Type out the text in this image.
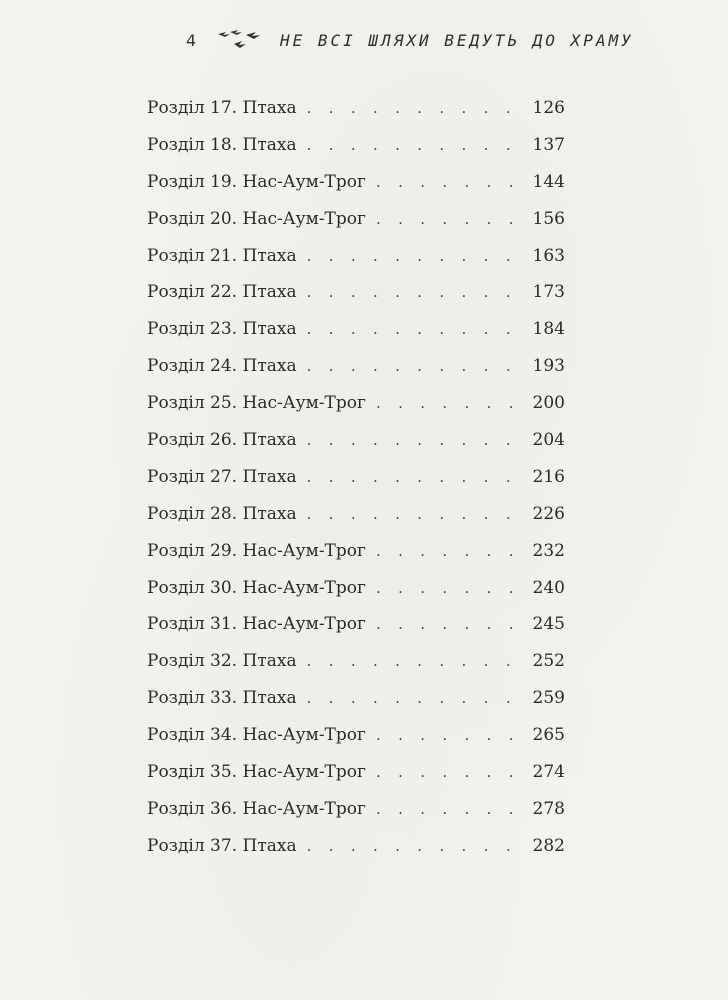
4	НЕ ВСІ ШЛЯХИ ВЕДУТЬ ДО ХРАМУ
Розділ 17. Птаха . . .	126
Розділ 18. Птаха . . .	137
Розділ 19. Нас-Аум-Трог . . .	144
Розділ 20. Нас-Аум-Трог . . .	156
Розділ 21. Птаха . . .	163
Розділ 22. Птаха . . .	173
Розділ 23. Птаха . . .	184
Розділ 24. Птаха . . .	193
Розділ 25. Нас-Аум-Трог . . .	200
Розділ 26. Птаха . . .	204
Розділ 27. Птаха . . .	216
Розділ 28. Птаха . . .	226
Розділ 29. Нас-Аум-Трог . . .	232
Розділ 30. Нас-Аум-Трог . . .	240
Розділ 31. Нас-Аум-Трог . . .	245
Розділ 32. Птаха . . .	252
Розділ 33. Птаха . . .	259
Розділ 34. Нас-Аум-Трог . . .	265
Розділ 35. Нас-Аум-Трог . . .	274
Розділ 36. Нас-Аум-Трог . . .	278
Розділ 37. Птаха . . .	282
